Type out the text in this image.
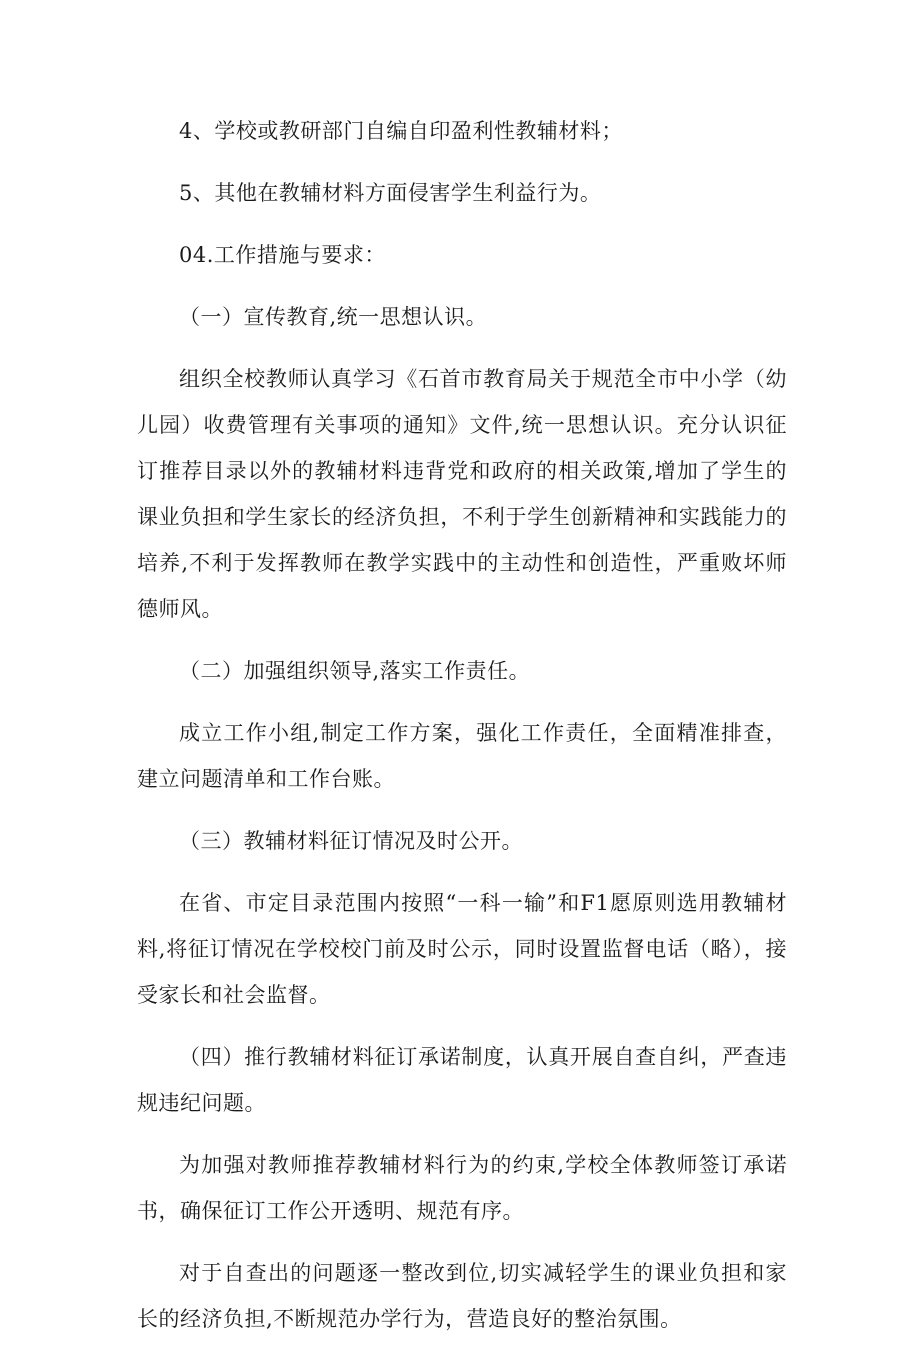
4、学校或教研部门自编自印盈利性教辅材料；

5、其他在教辅材料方面侵害学生利益行为。

04.工作措施与要求：

（一）宣传教育,统一思想认识。

组织全校教师认真学习《石首市教育局关于规范全市中小学（幼儿园）收费管理有关事项的通知》文件,统一思想认识。充分认识征订推荐目录以外的教辅材料违背党和政府的相关政策,增加了学生的课业负担和学生家长的经济负担，不利于学生创新精神和实践能力的培养,不利于发挥教师在教学实践中的主动性和创造性，严重败坏师德师风。

（二）加强组织领导,落实工作责任。

成立工作小组,制定工作方案，强化工作责任，全面精准排查，建立问题清单和工作台账。

（三）教辅材料征订情况及时公开。

在省、市定目录范围内按照“一科一输”和F1愿原则选用教辅材料,将征订情况在学校校门前及时公示，同时设置监督电话（略），接受家长和社会监督。

（四）推行教辅材料征订承诺制度，认真开展自查自纠，严查违规违纪问题。

为加强对教师推荐教辅材料行为的约束,学校全体教师签订承诺书，确保征订工作公开透明、规范有序。

对于自查出的问题逐一整改到位,切实减轻学生的课业负担和家长的经济负担,不断规范办学行为，营造良好的整治氛围。
